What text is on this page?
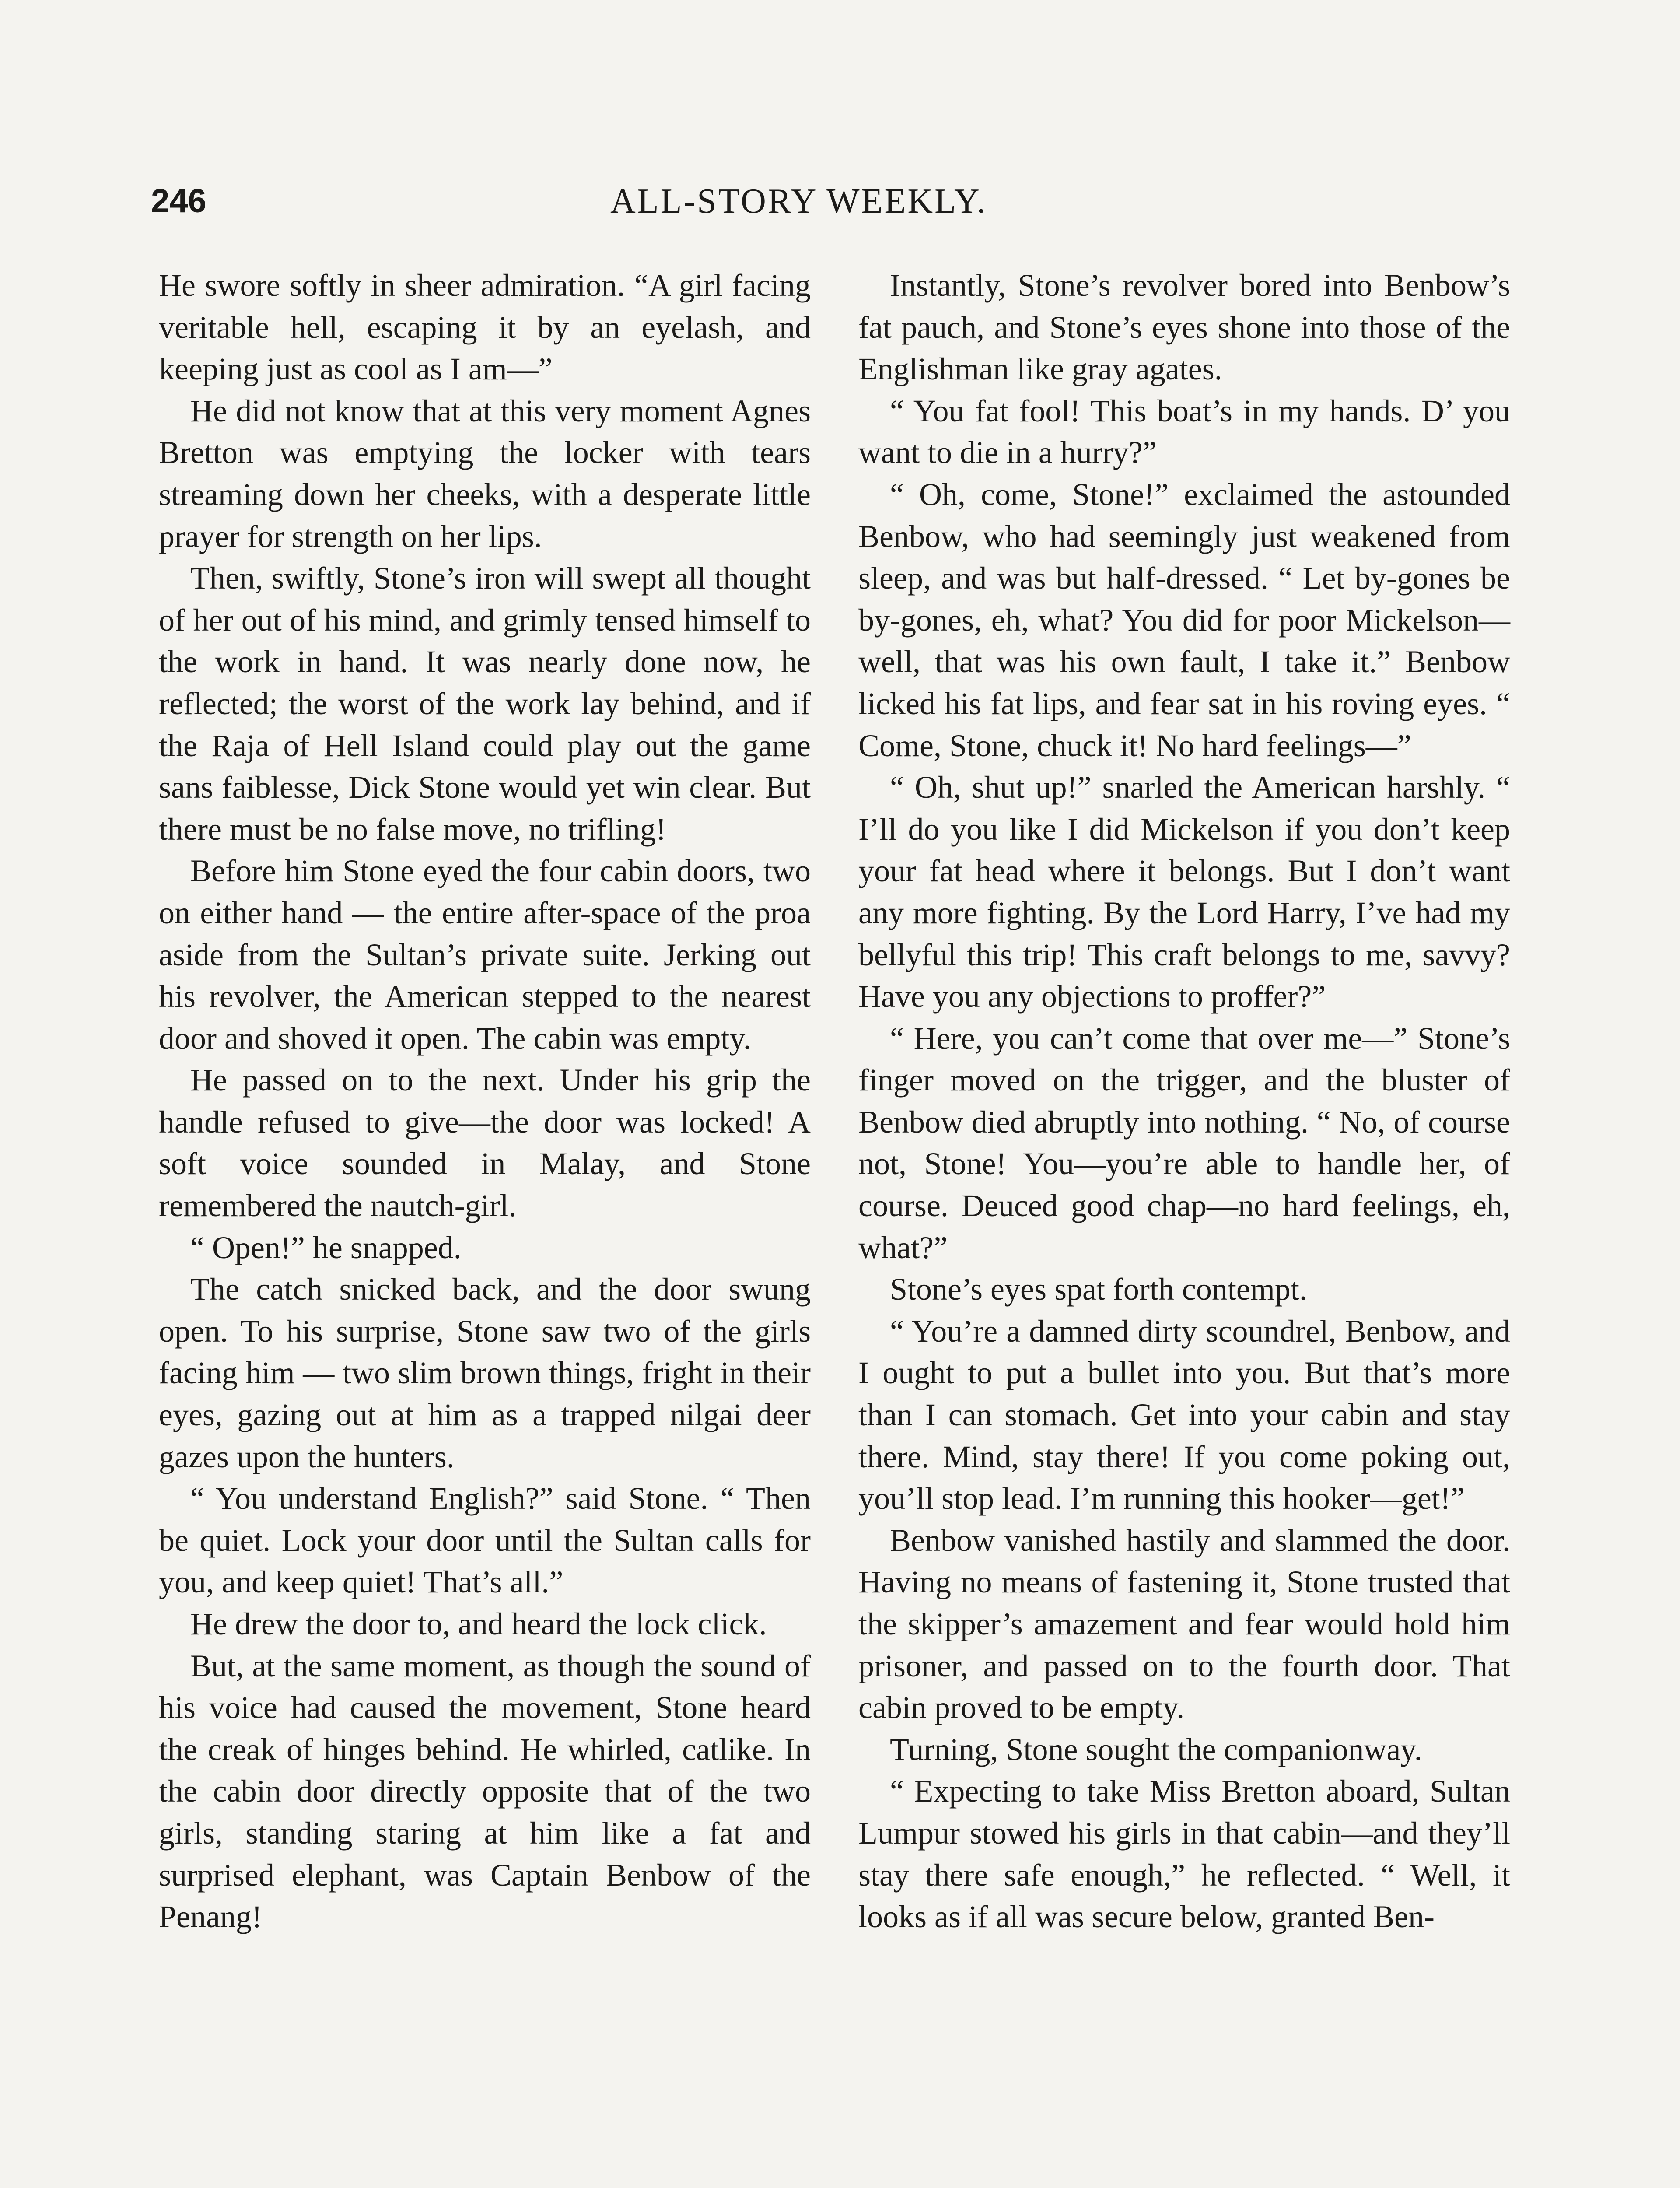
246	ALL-STORY WEEKLY.

He swore softly in sheer admiration. “A girl facing veritable hell, escaping it by an eyelash, and keeping just as cool as I am—”

He did not know that at this very moment Agnes Bretton was emptying the locker with tears streaming down her cheeks, with a desperate little prayer for strength on her lips.

Then, swiftly, Stone’s iron will swept all thought of her out of his mind, and grimly tensed himself to the work in hand. It was nearly done now, he reflected; the worst of the work lay behind, and if the Raja of Hell Island could play out the game sans faiblesse, Dick Stone would yet win clear. But there must be no false move, no trifling!

Before him Stone eyed the four cabin doors, two on either hand — the entire after-space of the proa aside from the Sultan’s private suite. Jerking out his revolver, the American stepped to the nearest door and shoved it open. The cabin was empty.

He passed on to the next. Under his grip the handle refused to give—the door was locked! A soft voice sounded in Malay, and Stone remembered the nautch-girl.

“ Open!” he snapped.

The catch snicked back, and the door swung open. To his surprise, Stone saw two of the girls facing him — two slim brown things, fright in their eyes, gazing out at him as a trapped nilgai deer gazes upon the hunters.

“ You understand English?” said Stone. “ Then be quiet. Lock your door until the Sultan calls for you, and keep quiet! That’s all.”

He drew the door to, and heard the lock click.

But, at the same moment, as though the sound of his voice had caused the movement, Stone heard the creak of hinges behind. He whirled, catlike. In the cabin door directly opposite that of the two girls, standing staring at him like a fat and surprised elephant, was Captain Benbow of the Penang!

Instantly, Stone’s revolver bored into Benbow’s fat pauch, and Stone’s eyes shone into those of the Englishman like gray agates.

“ You fat fool! This boat’s in my hands. D’ you want to die in a hurry?”

“ Oh, come, Stone!” exclaimed the astounded Benbow, who had seemingly just weakened from sleep, and was but half-dressed. “ Let by-gones be by-gones, eh, what? You did for poor Mickelson—well, that was his own fault, I take it.” Benbow licked his fat lips, and fear sat in his roving eyes. “ Come, Stone, chuck it! No hard feelings—”

“ Oh, shut up!” snarled the American harshly. “ I’ll do you like I did Mickelson if you don’t keep your fat head where it belongs. But I don’t want any more fighting. By the Lord Harry, I’ve had my bellyful this trip! This craft belongs to me, savvy? Have you any objections to proffer?”

“ Here, you can’t come that over me—” Stone’s finger moved on the trigger, and the bluster of Benbow died abruptly into nothing. “ No, of course not, Stone! You—you’re able to handle her, of course. Deuced good chap—no hard feelings, eh, what?”

Stone’s eyes spat forth contempt.

“ You’re a damned dirty scoundrel, Benbow, and I ought to put a bullet into you. But that’s more than I can stomach. Get into your cabin and stay there. Mind, stay there! If you come poking out, you’ll stop lead. I’m running this hooker—get!”

Benbow vanished hastily and slammed the door. Having no means of fastening it, Stone trusted that the skipper’s amazement and fear would hold him prisoner, and passed on to the fourth door. That cabin proved to be empty.

Turning, Stone sought the companionway.

“ Expecting to take Miss Bretton aboard, Sultan Lumpur stowed his girls in that cabin—and they’ll stay there safe enough,” he reflected. “ Well, it looks as if all was secure below, granted Ben-
